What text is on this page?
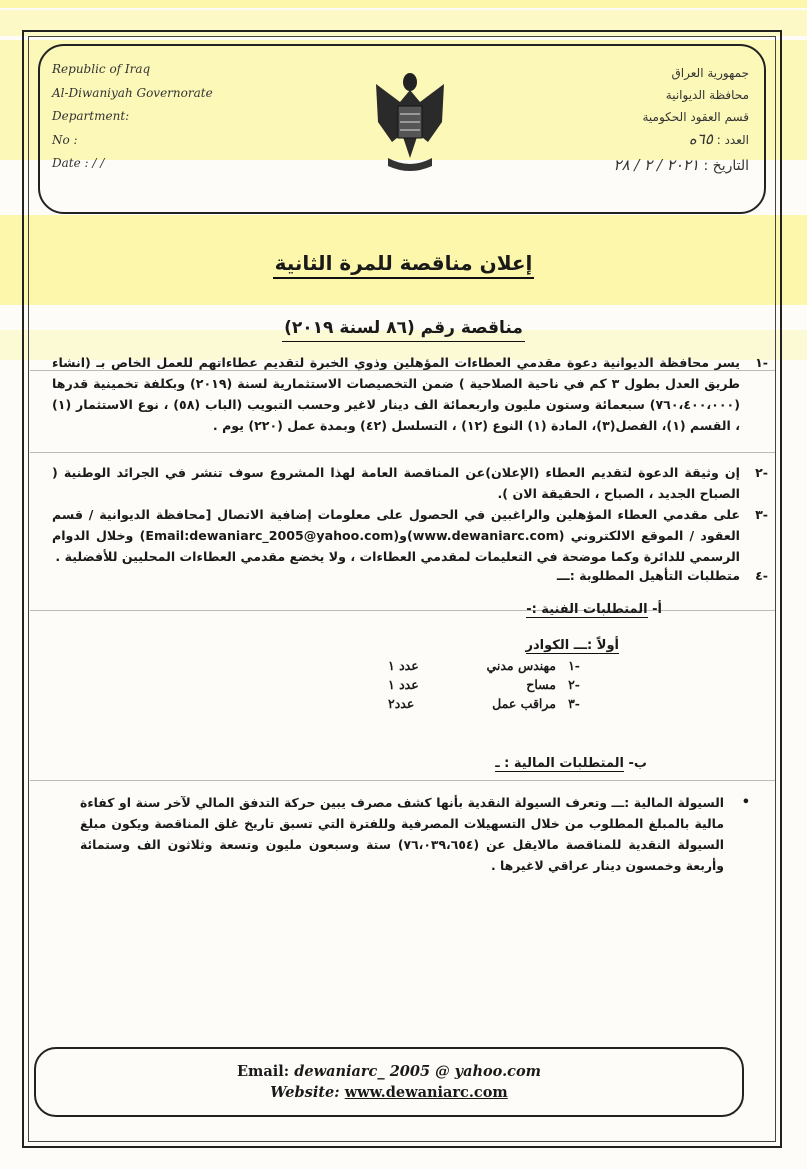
Republic of Iraq
Al-Diwaniyah Governorate
Department:
No :
Date : / /
جمهورية العراق
محافظة الديوانية
قسم العقود الحكومية
العدد : ٦٥ه
التاريخ : ٢٠٢١ / ٢ / ٢٨
إعلان مناقصة للمرة الثانية
مناقصة رقم (٨٦ لسنة ٢٠١٩)
-١
يسر محافظة الديوانية دعوة مقدمي العطاءات المؤهلين وذوي الخبرة لتقديم عطاءاتهم للعمل الخاص بـ (انشاء طريق العدل بطول ٣ كم في ناحية الصلاحية ) ضمن التخصيصات الاستثمارية لسنة (٢٠١٩) وبكلفة تخمينية قدرها (٧٦٠،٤٠٠،٠٠٠) سبعمائة وستون مليون واربعمائة الف دينار لاغير وحسب التبويب (الباب (٥٨) ، نوع الاستثمار (١) ، القسم (١)، الفصل(٣)، المادة (١) النوع (١٢) ، التسلسل (٤٢) وبمدة عمل (٢٢٠) يوم .
-٢
إن وثيقة الدعوة لتقديم العطاء (الإعلان)عن المناقصة العامة لهذا المشروع سوف تنشر في الجرائد الوطنية ( الصباح الجديد ، الصباح ، الحقيقة الان ).
-٣
على مقدمي العطاء المؤهلين والراغبين في الحصول على معلومات إضافية الاتصال [محافظة الديوانية / قسم العقود / الموقع الالكتروني (www.dewaniarc.com)و(Email:dewaniarc_2005@yahoo.com) وخلال الدوام الرسمي للدائرة وكما موضحة في التعليمات لمقدمي العطاءات ، ولا يخضع مقدمي العطاءات المحليين للأفضلية .
-٤
متطلبات التأهيل المطلوبة :ـــ
أ- المتطلبات الفنية :-
أولاً :ـــ الكوادر
-١
مهندس مدني
عدد ١
-٢
مساح
عدد ١
-٣
مراقب عمل
عدد٢
ب- المتطلبات المالية : ـ
•
السيولة المالية :ـــ وتعرف السيولة النقدية بأنها كشف مصرف يبين حركة التدفق المالي لآخر سنة او كفاءة مالية بالمبلغ المطلوب من خلال التسهيلات المصرفية وللفترة التي تسبق تاريخ غلق المناقصة ويكون مبلغ السيولة النقدية للمناقصة مالايقل عن (٧٦،٠٣٩،٦٥٤) ستة وسبعون مليون وتسعة وثلاثون الف وستمائة وأربعة وخمسون دينار عراقي لاغيرها .
Email: dewaniarc_ 2005 @ yahoo.com
Website: www.dewaniarc.com
